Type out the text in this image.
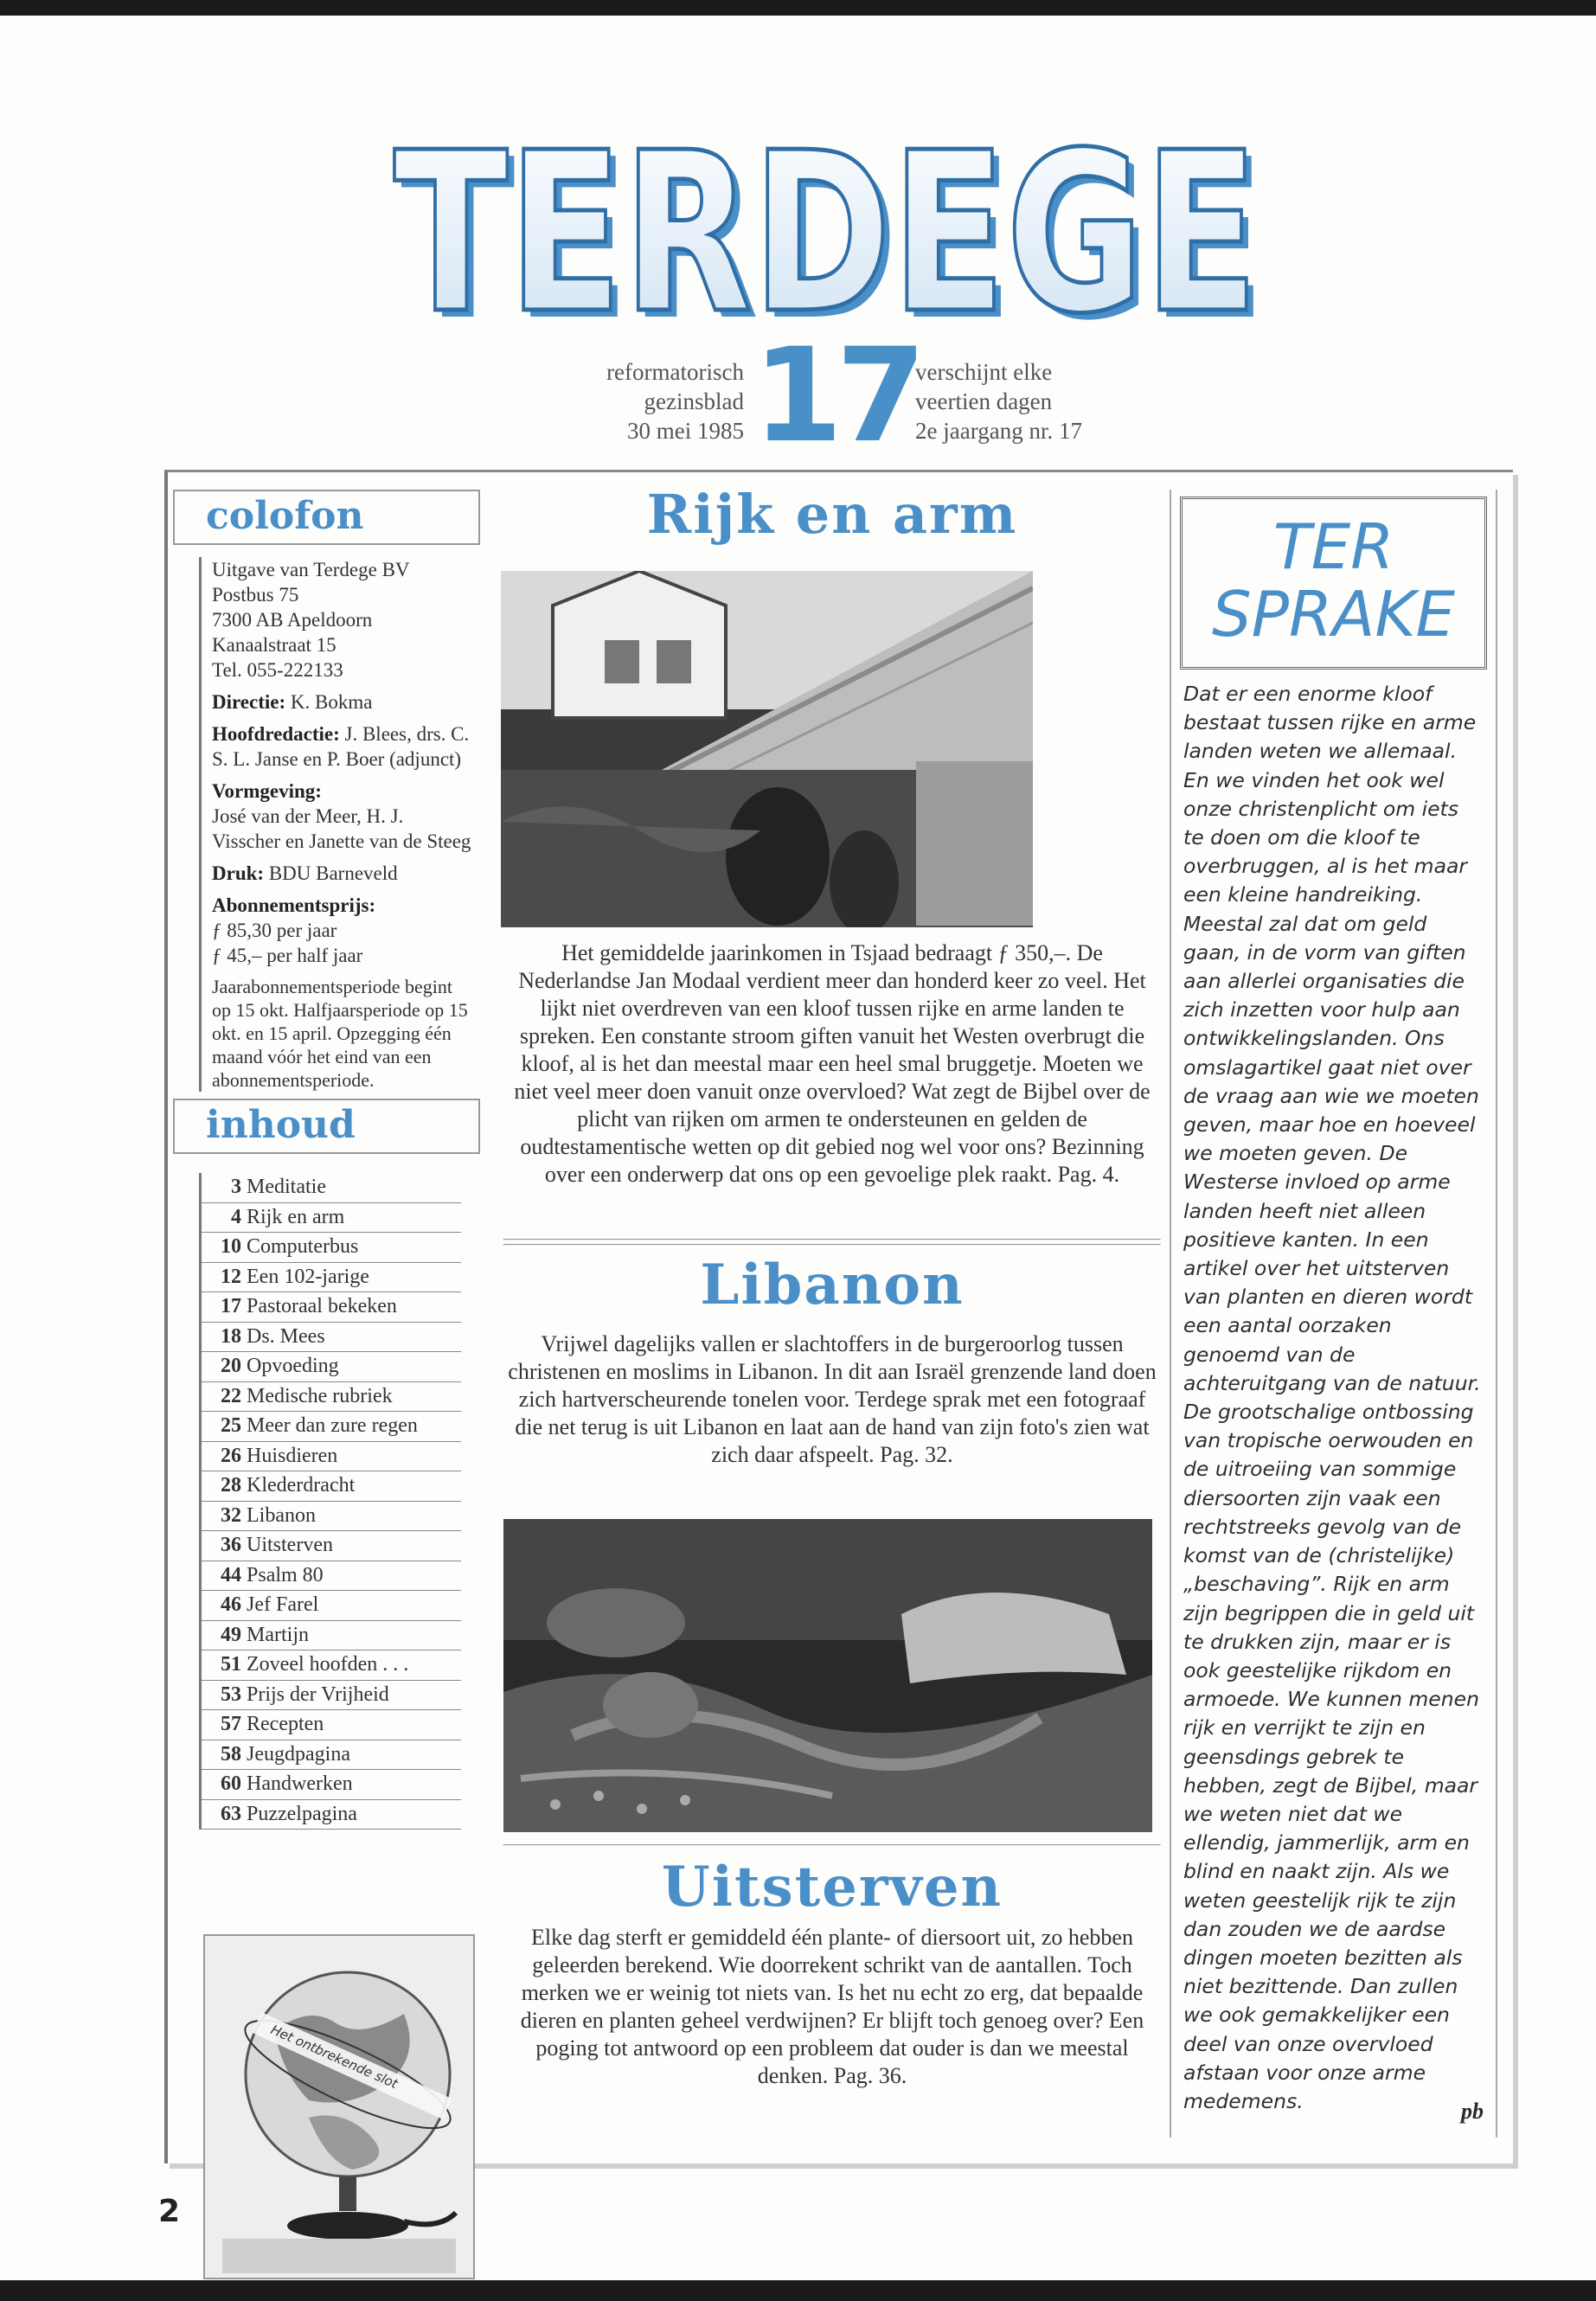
TERDEGE
TERDEGE
reformatorisch
gezinsblad
30 mei 1985 17
verschijnt elke
veertien dagen
2e jaargang nr. 17
colofon

Uitgave van Terdege BV
Postbus 75
7300 AB Apeldoorn
Kanaalstraat 15
Tel. 055-222133

Directie: K. Bokma

Hoofdredactie: J. Blees, drs. C. S. L. Janse en P. Boer (adjunct)

Vormgeving:
José van der Meer, H. J. Visscher en Janette van de Steeg

Druk: BDU Barneveld

Abonnementsprijs:
ƒ 85,30 per jaar
ƒ 45,– per half jaar

Jaarabonnementsperiode begint op 15 okt. Halfjaarsperiode op 15 okt. en 15 april. Opzegging één maand vóór het eind van een abonnementsperiode.

inhoud
3 Meditatie
4 Rijk en arm
10 Computerbus
12 Een 102-jarige
17 Pastoraal bekeken
18 Ds. Mees
20 Opvoeding
22 Medische rubriek
25 Meer dan zure regen
26 Huisdieren
28 Klederdracht
32 Libanon
36 Uitsterven
44 Psalm 80
46 Jef Farel
49 Martijn
51 Zoveel hoofden . . .
53 Prijs der Vrijheid
57 Recepten
58 Jeugdpagina
60 Handwerken
63 Puzzelpagina
Het ontbrekende slot
Rijk en arm
Het gemiddelde jaarinkomen in Tsjaad bedraagt ƒ 350,–. De Nederlandse Jan Modaal verdient meer dan honderd keer zo veel. Het lijkt niet overdreven van een kloof tussen rijke en arme landen te spreken. Een constante stroom giften vanuit het Westen overbrugt die kloof, al is het dan meestal maar een heel smal bruggetje. Moeten we niet veel meer doen vanuit onze overvloed? Wat zegt de Bijbel over de plicht van rijken om armen te ondersteunen en gelden de oudtestamentische wetten op dit gebied nog wel voor ons? Bezinning over een onderwerp dat ons op een gevoelige plek raakt. Pag. 4.
Libanon
Vrijwel dagelijks vallen er slachtoffers in de burgeroorlog tussen christenen en moslims in Libanon. In dit aan Israël grenzende land doen zich hartverscheurende tonelen voor. Terdege sprak met een fotograaf die net terug is uit Libanon en laat aan de hand van zijn foto's zien wat zich daar afspeelt. Pag. 32.
Uitsterven
Elke dag sterft er gemiddeld één plante- of diersoort uit, zo hebben geleerden berekend. Wie doorrekent schrikt van de aantallen. Toch merken we er weinig tot niets van. Is het nu echt zo erg, dat bepaalde dieren en planten geheel verdwijnen? Er blijft toch genoeg over? Een poging tot antwoord op een probleem dat ouder is dan we meestal denken. Pag. 36.
TER
SPRAKE
Dat er een enorme kloof bestaat tussen rijke en arme landen weten we allemaal. En we vinden het ook wel onze christenplicht om iets te doen om die kloof te overbruggen, al is het maar een kleine handreiking. Meestal zal dat om geld gaan, in de vorm van giften aan allerlei organisaties die zich inzetten voor hulp aan ontwikkelingslanden. Ons omslagartikel gaat niet over de vraag aan wie we moeten geven, maar hoe en hoeveel we moeten geven. De Westerse invloed op arme landen heeft niet alleen positieve kanten. In een artikel over het uitsterven van planten en dieren wordt een aantal oorzaken genoemd van de achteruitgang van de natuur. De grootschalige ontbossing van tropische oerwouden en de uitroeiing van sommige diersoorten zijn vaak een rechtstreeks gevolg van de komst van de (christelijke) „beschaving”. Rijk en arm zijn begrippen die in geld uit te drukken zijn, maar er is ook geestelijke rijkdom en armoede. We kunnen menen rijk en verrijkt te zijn en geensdings gebrek te hebben, zegt de Bijbel, maar we weten niet dat we ellendig, jammerlijk, arm en blind en naakt zijn. Als we weten geestelijk rijk te zijn dan zouden we de aardse dingen moeten bezitten als niet bezittende. Dan zullen we ook gemakkelijker een deel van onze overvloed afstaan voor onze arme medemens.	pb
2
